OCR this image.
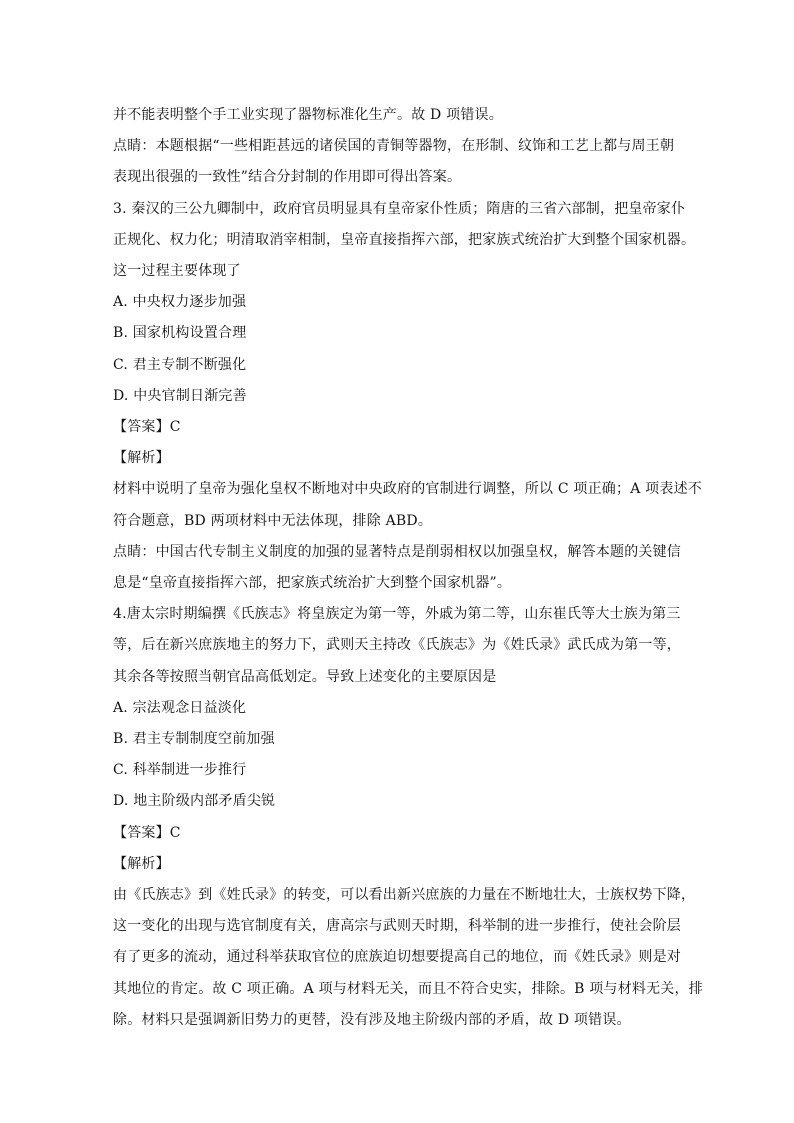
并不能表明整个手工业实现了器物标准化生产。故 D 项错误。
点睛：本题根据“一些相距甚远的诸侯国的青铜等器物，在形制、纹饰和工艺上都与周王朝
表现出很强的一致性”结合分封制的作用即可得出答案。
3. 秦汉的三公九卿制中，政府官员明显具有皇帝家仆性质；隋唐的三省六部制，把皇帝家仆
正规化、权力化；明清取消宰相制，皇帝直接指挥六部，把家族式统治扩大到整个国家机器。
这一过程主要体现了
A. 中央权力逐步加强
B. 国家机构设置合理
C. 君主专制不断强化
D. 中央官制日渐完善
【答案】C
【解析】
材料中说明了皇帝为强化皇权不断地对中央政府的官制进行调整，所以 C 项正确；A 项表述不
符合题意，BD 两项材料中无法体现，排除 ABD。
点睛：中国古代专制主义制度的加强的显著特点是削弱相权以加强皇权，解答本题的关键信
息是“皇帝直接指挥六部，把家族式统治扩大到整个国家机器”。
4.唐太宗时期编撰《氏族志》将皇族定为第一等，外戚为第二等，山东崔氏等大士族为第三
等，后在新兴庶族地主的努力下，武则天主持改《氏族志》为《姓氏录》武氏成为第一等，
其余各等按照当朝官品高低划定。导致上述变化的主要原因是
A. 宗法观念日益淡化
B. 君主专制制度空前加强
C. 科举制进一步推行
D. 地主阶级内部矛盾尖锐
【答案】C
【解析】
由《氏族志》到《姓氏录》的转变，可以看出新兴庶族的力量在不断地壮大，士族权势下降，
这一变化的出现与选官制度有关，唐高宗与武则天时期，科举制的进一步推行，使社会阶层
有了更多的流动，通过科举获取官位的庶族迫切想要提高自己的地位，而《姓氏录》则是对
其地位的肯定。故 C 项正确。A 项与材料无关，而且不符合史实，排除。B 项与材料无关，排
除。材料只是强调新旧势力的更替，没有涉及地主阶级内部的矛盾，故 D 项错误。
